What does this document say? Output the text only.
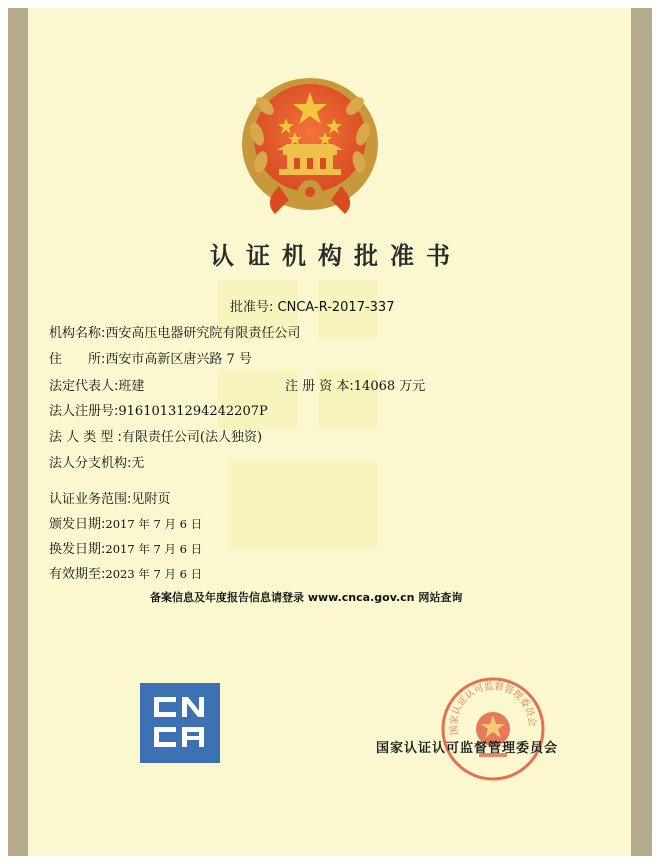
认证机构批准书
批准号: CNCA-R-2017-337
机构名称:西安高压电器研究院有限责任公司
住　　所:西安市高新区唐兴路 7 号
法定代表人:班建	注 册 资 本:14068 万元
法人注册号:916101312942422​07P
法 人 类 型 :有限责任公司(法人独资)
法人分支机构:无
认证业务范围:见附页
颁发日期:2017 年 7 月 6 日
换发日期:2017 年 7 月 6 日
有效期至:2023 年 7 月 6 日
备案信息及年度报告信息请登录 www.cnca.gov.cn 网站查询
国家认证认可监督管理委员会
国家认证认可监督管理委员会
